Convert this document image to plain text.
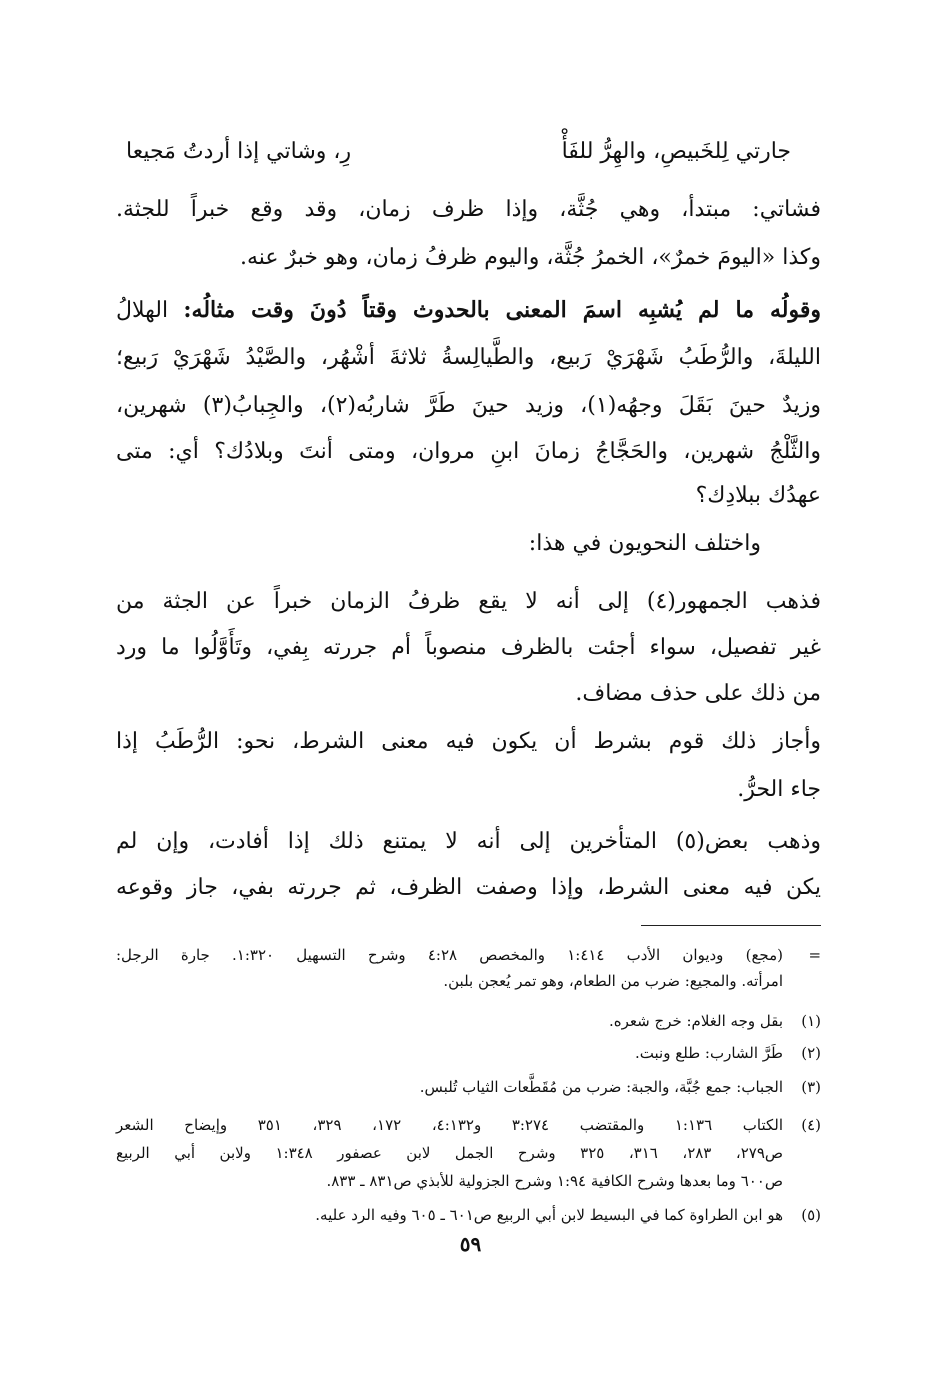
جارتي لِلخَبيصِ، والهِرُّ للفَأْ
رِ، وشاتي إذا أردتُ مَجيعا
فشاتي: مبتدأ، وهي جُثَّة، وإذا ظرف زمان، وقد وقع خبراً للجثة.
وكذا «اليومَ خمرٌ»، الخمرُ جُثَّة، واليوم ظرفُ زمان، وهو خبرٌ عنه.
وقولُه ما لم يُشبِه اسمَ المعنى بالحدوث وقتاً دُونَ وقت مثالُه: الهلالُ
الليلةَ، والرُّطَبُ شَهْرَيْ رَبيع، والطَّيالِسةُ ثلاثةَ أشْهُر، والصَّيْدُ شَهْرَيْ رَبيع؛
وزيدٌ حينَ بَقَلَ وجهُه(١)، وزيد حينَ طَرَّ شاربُه(٢)، والجِبابُ(٣) شهرين،
والثَّلْجُ شهرين، والحَجَّاجُ زمانَ ابنِ مروان، ومتى أنتَ وبلادُك؟ أي: متى
عهدُك ببلادِك؟
واختلف النحويون في هذا:
فذهب الجمهور(٤) إلى أنه لا يقع ظرفُ الزمان خبراً عن الجثة من
غير تفصيل، سواء أجئت بالظرف منصوباً أم جررته بِفي، وتَأَوَّلُوا ما ورد
من ذلك على حذف مضاف.
وأجاز ذلك قوم بشرط أن يكون فيه معنى الشرط، نحو: الرُّطَبُ إذا
جاء الحرُّ.
وذهب بعض(٥) المتأخرين إلى أنه لا يمتنع ذلك إذا أفادت، وإن لم
يكن فيه معنى الشرط، وإذا وصفت الظرف، ثم جررته بفي، جاز وقوعه
=(مجع) وديوان الأدب ١:٤١٤ والمخصص ٤:٢٨ وشرح التسهيل ١:٣٢٠. جارة الرجل:
امرأته. والمجيع: ضرب من الطعام، وهو تمر يُعجن بلبن.
(١)بقل وجه الغلام: خرج شعره.
(٢)طَرَّ الشارب: طلع ونبت.
(٣)الجباب: جمع جُبَّة، والجبة: ضرب من مُقَطَّعات الثياب تُلبس.
(٤)الكتاب ١:١٣٦ والمقتضب ٣:٢٧٤ و٤:١٣٢، ١٧٢، ٣٢٩، ٣٥١ وإيضاح الشعر
ص٢٧٩، ٢٨٣، ٣١٦، ٣٢٥ وشرح الجمل لابن عصفور ١:٣٤٨ ولابن أبي الربيع
ص٦٠٠ وما بعدها وشرح الكافية ١:٩٤ وشرح الجزولية للأبذي ص٨٣١ ـ ٨٣٣.
(٥)هو ابن الطراوة كما في البسيط لابن أبي الربيع ص٦٠١ ـ ٦٠٥ وفيه الرد عليه.
٥٩
